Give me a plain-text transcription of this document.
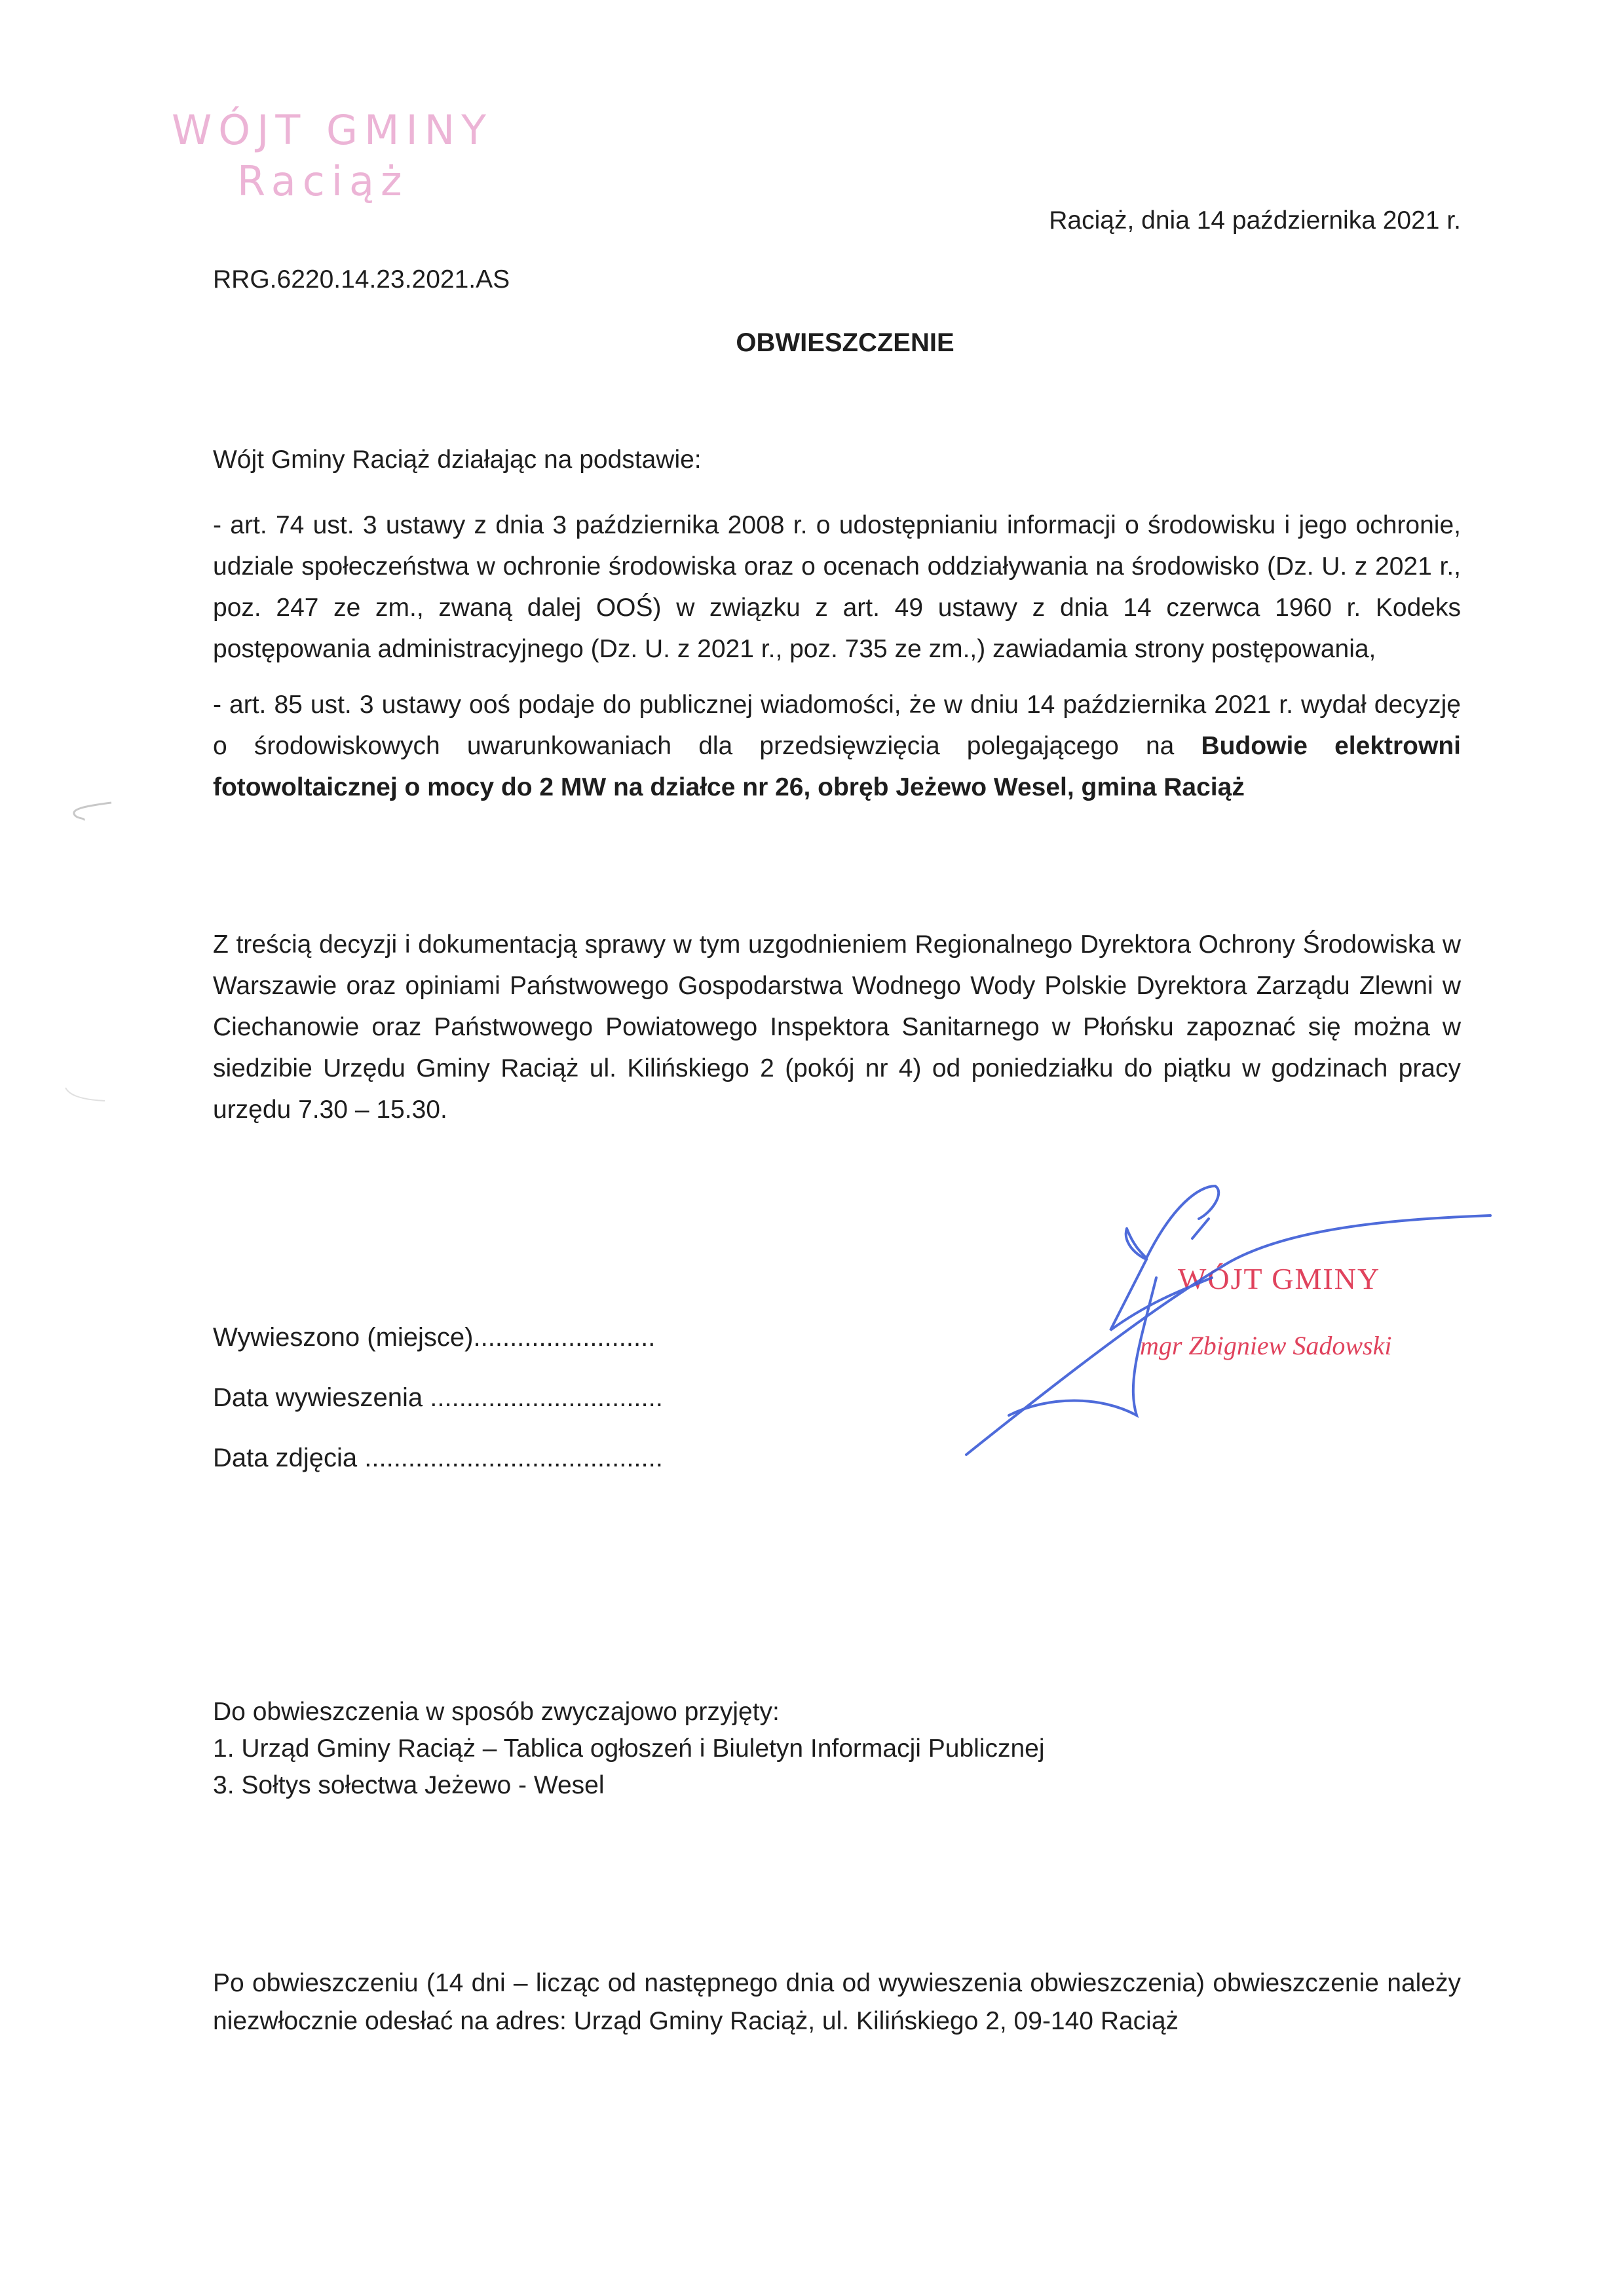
WÓJT GMINY
Raciąż
Raciąż, dnia 14 października 2021 r.
RRG.6220.14.23.2021.AS
OBWIESZCZENIE
Wójt Gminy Raciąż działając na podstawie:
- art. 74 ust. 3 ustawy z dnia 3 października 2008 r. o udostępnianiu informacji o środowisku i jego ochronie, udziale społeczeństwa w ochronie środowiska oraz o ocenach oddziaływania na środowisko (Dz. U. z 2021 r., poz. 247 ze zm., zwaną dalej OOŚ) w związku z art. 49 ustawy z dnia 14 czerwca 1960 r. Kodeks postępowania administracyjnego (Dz. U. z 2021 r., poz. 735 ze zm.,) zawiadamia strony postępowania,
- art. 85 ust. 3 ustawy ooś podaje do publicznej wiadomości, że w dniu 14 października 2021 r. wydał decyzję o środowiskowych uwarunkowaniach dla przedsięwzięcia polegającego na Budowie elektrowni fotowoltaicznej o mocy do 2 MW na działce nr 26, obręb Jeżewo Wesel, gmina Raciąż
Z treścią decyzji i dokumentacją sprawy w tym uzgodnieniem Regionalnego Dyrektora Ochrony Środowiska w Warszawie oraz opiniami Państwowego Gospodarstwa Wodnego Wody Polskie Dyrektora Zarządu Zlewni w Ciechanowie oraz Państwowego Powiatowego Inspektora Sanitarnego w Płońsku zapoznać się można w siedzibie Urzędu Gminy Raciąż ul. Kilińskiego 2 (pokój nr 4) od poniedziałku do piątku w godzinach pracy urzędu 7.30 – 15.30.
Wywieszono (miejsce).........................
Data wywieszenia ................................
Data zdjęcia .........................................
WÓJT GMINY
mgr Zbigniew Sadowski
Do obwieszczenia w sposób zwyczajowo przyjęty:
1. Urząd Gminy Raciąż – Tablica ogłoszeń i Biuletyn Informacji Publicznej
3. Sołtys sołectwa Jeżewo - Wesel
Po obwieszczeniu (14 dni – licząc od następnego dnia od wywieszenia obwieszczenia) obwieszczenie należy niezwłocznie odesłać na adres: Urząd Gminy Raciąż, ul. Kilińskiego 2, 09-140 Raciąż
